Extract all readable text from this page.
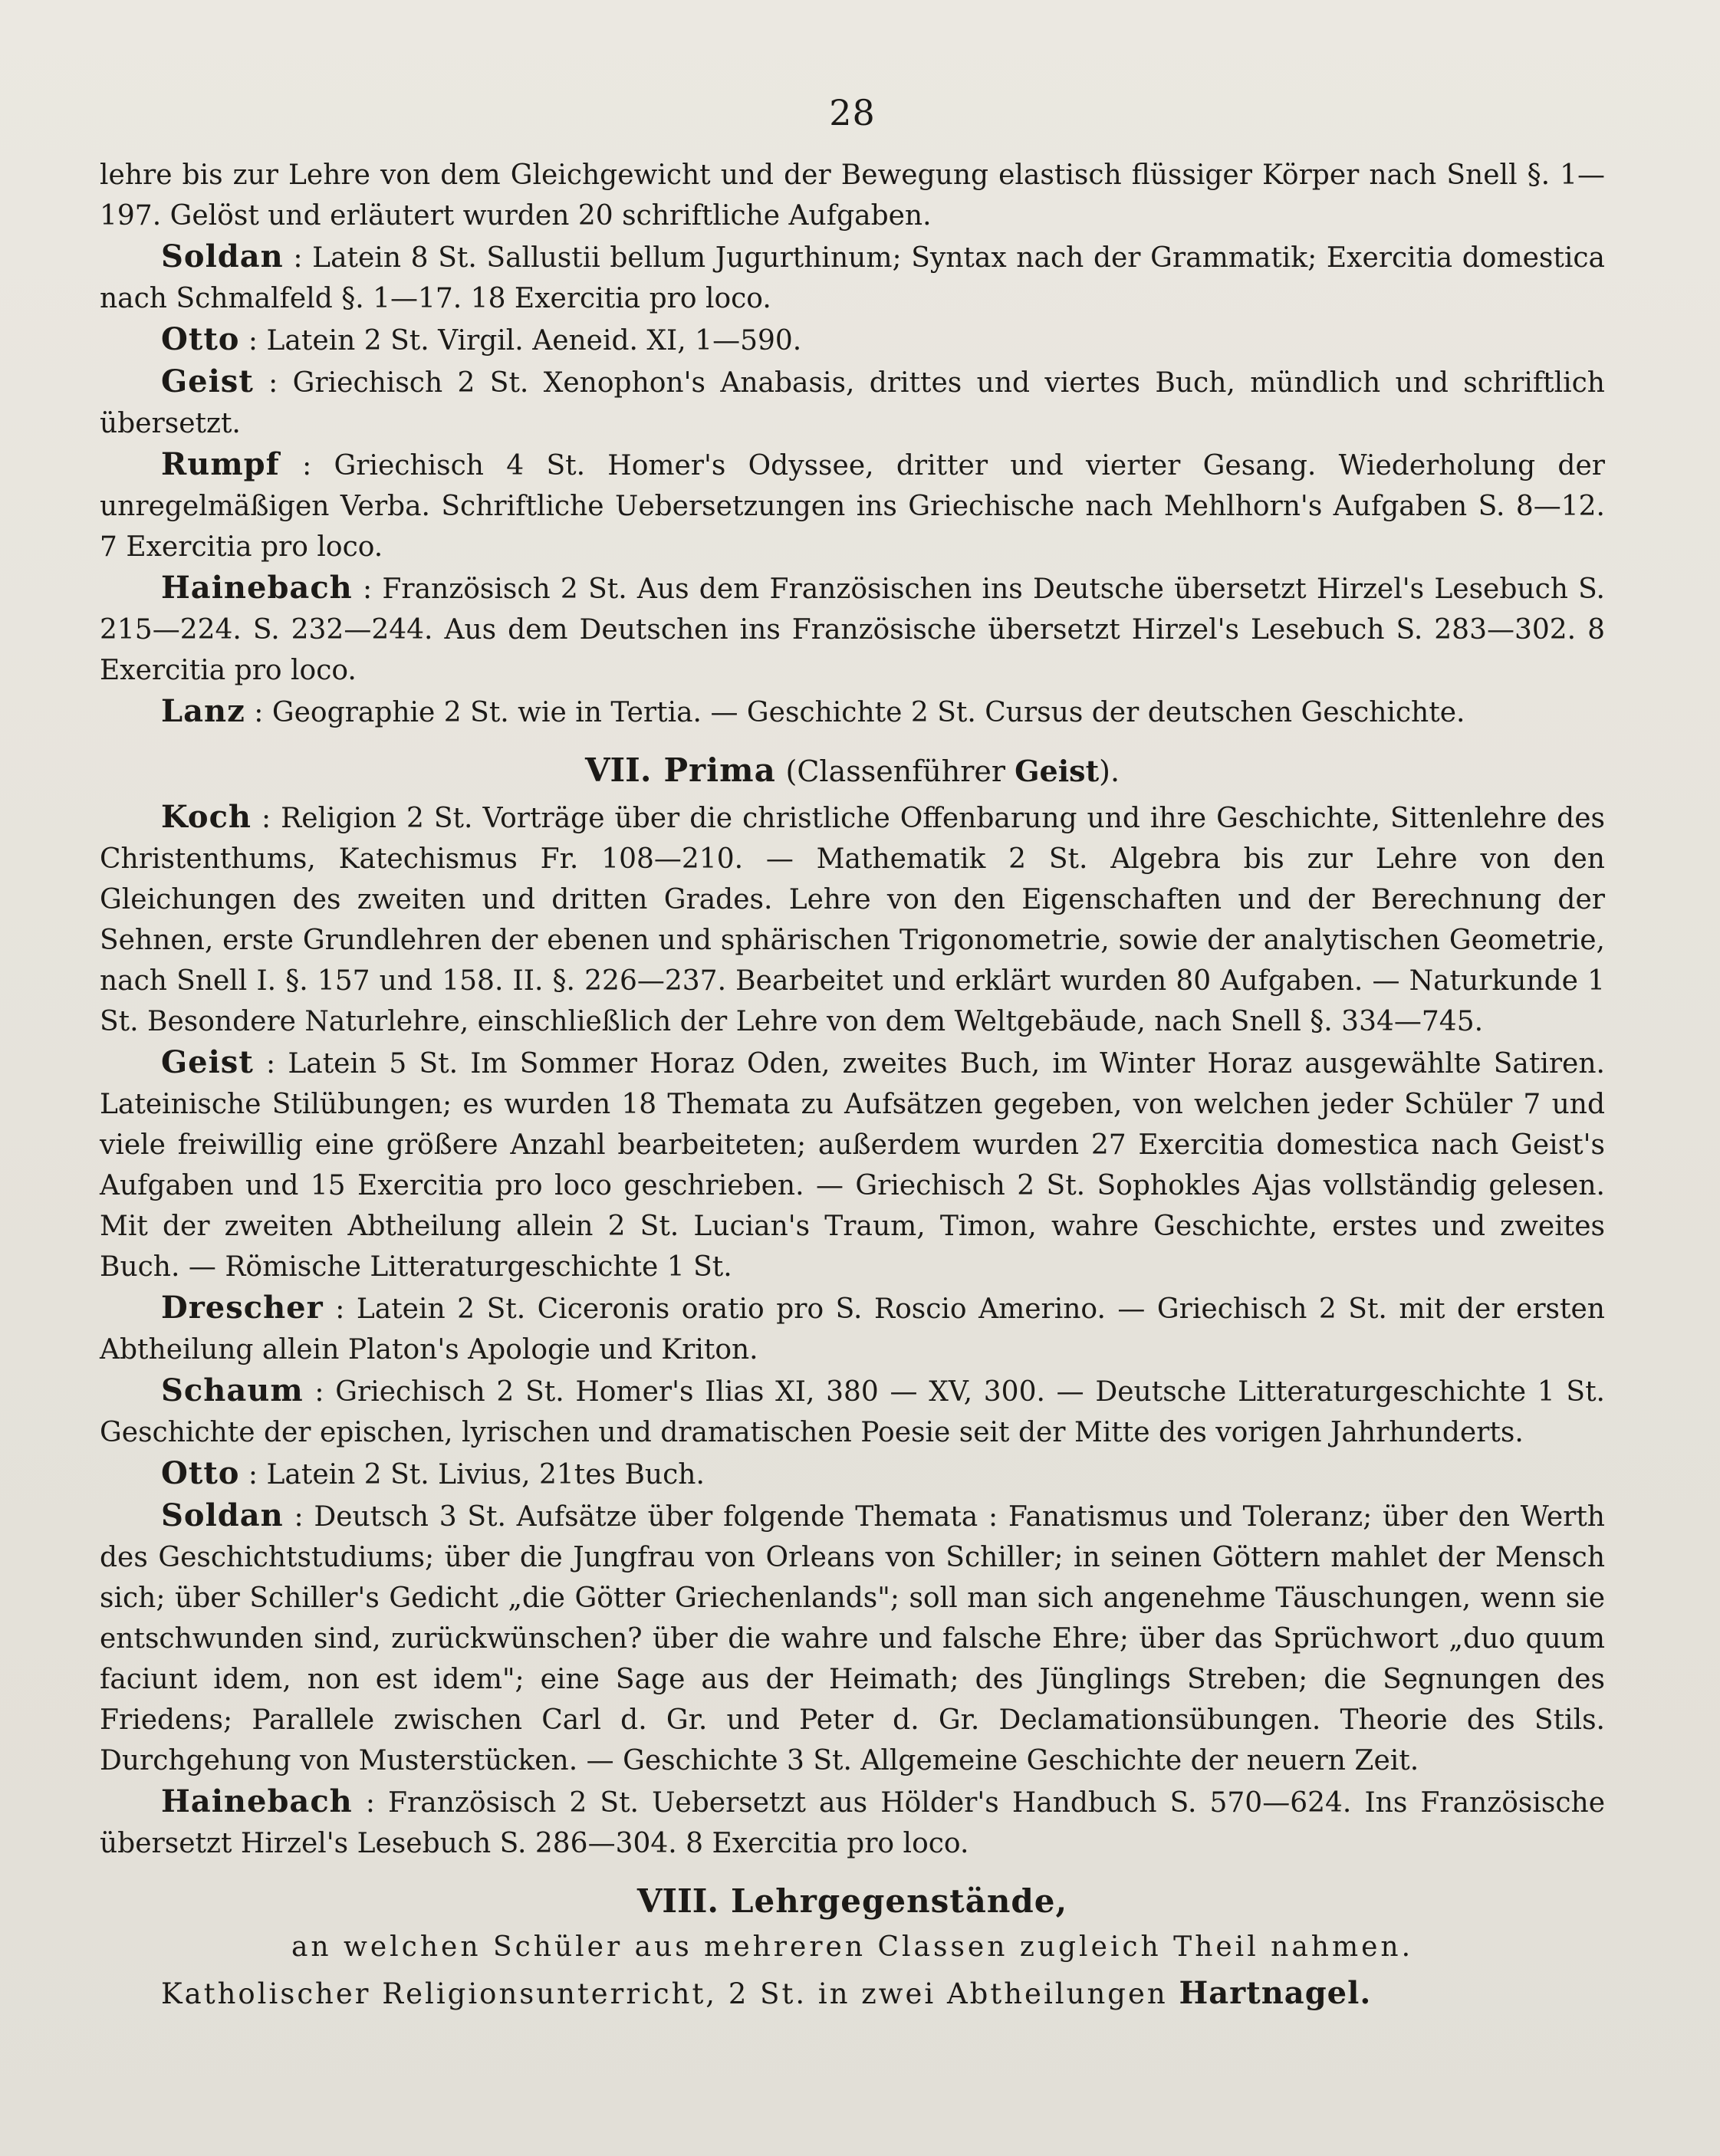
28

lehre bis zur Lehre von dem Gleichgewicht und der Bewegung elastisch flüssiger Körper nach Snell §. 1—197. Gelöst und erläutert wurden 20 schriftliche Aufgaben.

Soldan : Latein 8 St. Sallustii bellum Jugurthinum; Syntax nach der Grammatik; Exercitia domestica nach Schmalfeld §. 1—17. 18 Exercitia pro loco.

Otto : Latein 2 St. Virgil. Aeneid. XI, 1—590.

Geist : Griechisch 2 St. Xenophon's Anabasis, drittes und viertes Buch, mündlich und schriftlich übersetzt.

Rumpf : Griechisch 4 St. Homer's Odyssee, dritter und vierter Gesang. Wiederholung der unregelmäßigen Verba. Schriftliche Uebersetzungen ins Griechische nach Mehlhorn's Aufgaben S. 8—12. 7 Exercitia pro loco.

Hainebach : Französisch 2 St. Aus dem Französischen ins Deutsche übersetzt Hirzel's Lesebuch S. 215—224. S. 232—244. Aus dem Deutschen ins Französische übersetzt Hirzel's Lesebuch S. 283—302. 8 Exercitia pro loco.

Lanz : Geographie 2 St. wie in Tertia. — Geschichte 2 St. Cursus der deutschen Geschichte.

VII. Prima (Classenführer Geist).

Koch : Religion 2 St. Vorträge über die christliche Offenbarung und ihre Geschichte, Sittenlehre des Christenthums, Katechismus Fr. 108—210. — Mathematik 2 St. Algebra bis zur Lehre von den Gleichungen des zweiten und dritten Grades. Lehre von den Eigenschaften und der Berechnung der Sehnen, erste Grundlehren der ebenen und sphärischen Trigonometrie, sowie der analytischen Geometrie, nach Snell I. §. 157 und 158. II. §. 226—237. Bearbeitet und erklärt wurden 80 Aufgaben. — Naturkunde 1 St. Besondere Naturlehre, einschließlich der Lehre von dem Weltgebäude, nach Snell §. 334—745.

Geist : Latein 5 St. Im Sommer Horaz Oden, zweites Buch, im Winter Horaz ausgewählte Satiren. Lateinische Stilübungen; es wurden 18 Themata zu Aufsätzen gegeben, von welchen jeder Schüler 7 und viele freiwillig eine größere Anzahl bearbeiteten; außerdem wurden 27 Exercitia domestica nach Geist's Aufgaben und 15 Exercitia pro loco geschrieben. — Griechisch 2 St. Sophokles Ajas vollständig gelesen. Mit der zweiten Abtheilung allein 2 St. Lucian's Traum, Timon, wahre Geschichte, erstes und zweites Buch. — Römische Litteraturgeschichte 1 St.

Drescher : Latein 2 St. Ciceronis oratio pro S. Roscio Amerino. — Griechisch 2 St. mit der ersten Abtheilung allein Platon's Apologie und Kriton.

Schaum : Griechisch 2 St. Homer's Ilias XI, 380 — XV, 300. — Deutsche Litteraturgeschichte 1 St. Geschichte der epischen, lyrischen und dramatischen Poesie seit der Mitte des vorigen Jahrhunderts.

Otto : Latein 2 St. Livius, 21tes Buch.

Soldan : Deutsch 3 St. Aufsätze über folgende Themata : Fanatismus und Toleranz; über den Werth des Geschichtstudiums; über die Jungfrau von Orleans von Schiller; in seinen Göttern mahlet der Mensch sich; über Schiller's Gedicht „die Götter Griechenlands"; soll man sich angenehme Täuschungen, wenn sie entschwunden sind, zurückwünschen? über die wahre und falsche Ehre; über das Sprüchwort „duo quum faciunt idem, non est idem"; eine Sage aus der Heimath; des Jünglings Streben; die Segnungen des Friedens; Parallele zwischen Carl d. Gr. und Peter d. Gr. Declamationsübungen. Theorie des Stils. Durchgehung von Musterstücken. — Geschichte 3 St. Allgemeine Geschichte der neuern Zeit.

Hainebach : Französisch 2 St. Uebersetzt aus Hölder's Handbuch S. 570—624. Ins Französische übersetzt Hirzel's Lesebuch S. 286—304. 8 Exercitia pro loco.

VIII. Lehrgegenstände,

an welchen Schüler aus mehreren Classen zugleich Theil nahmen.

Katholischer Religionsunterricht, 2 St. in zwei Abtheilungen Hartnagel.
